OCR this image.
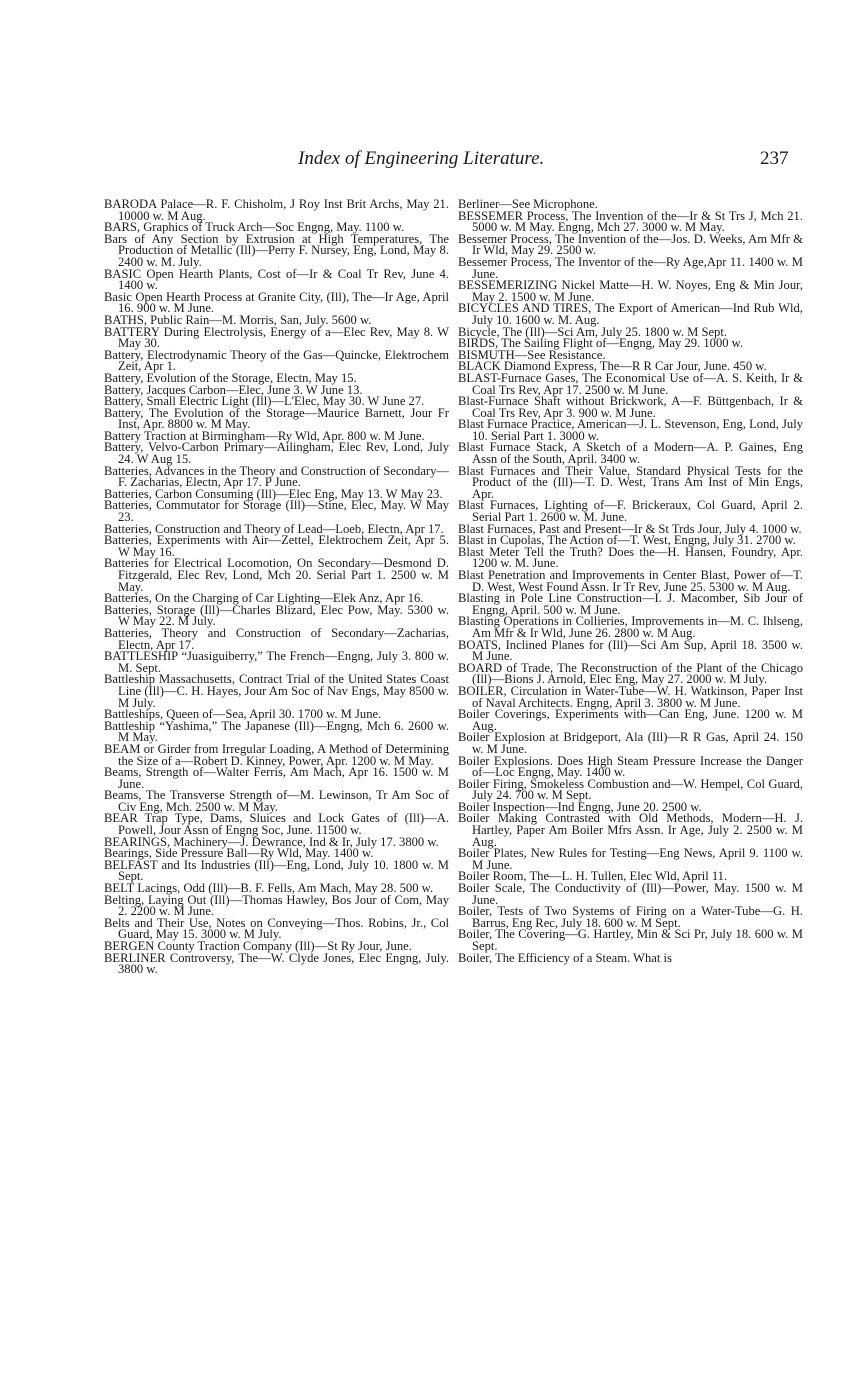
Index of Engineering Literature.	237

BARODA Palace—R. F. Chisholm, J Roy Inst Brit Archs, May 21. 10000 w. M Aug.

BARS, Graphics of Truck Arch—Soc Engng, May. 1100 w.

Bars of Any Section by Extrusion at High Temperatures, The Production of Metallic (Ill)—Perry F. Nursey, Eng, Lond, May 8. 2400 w. M. July.

BASIC Open Hearth Plants, Cost of—Ir & Coal Tr Rev, June 4. 1400 w.

Basic Open Hearth Process at Granite City, (Ill), The—Ir Age, April 16. 900 w. M June.

BATHS, Public Rain—M. Morris, San, July. 5600 w.

BATTERY During Electrolysis, Energy of a—Elec Rev, May 8. W May 30.

Battery, Electrodynamic Theory of the Gas—Quincke, Elektrochem Zeit, Apr 1.

Battery, Evolution of the Storage, Electn, May 15.

Battery, Jacques Carbon—Elec, June 3. W June 13.

Battery, Small Electric Light (Ill)—L'Elec, May 30. W June 27.

Battery, The Evolution of the Storage—Maurice Barnett, Jour Fr Inst, Apr. 8800 w. M May.

Battery Traction at Birmingham—Ry Wld, Apr. 800 w. M June.

Battery, Velvo-Carbon Primary—Ailingham, Elec Rev, Lond, July 24. W Aug 15.

Batteries, Advances in the Theory and Construction of Secondary—F. Zacharias, Electn, Apr 17. P June.

Batteries, Carbon Consuming (Ill)—Elec Eng, May 13. W May 23.

Batteries, Commutator for Storage (Ill)—Stine, Elec, May. W May 23.

Batteries, Construction and Theory of Lead—Loeb, Electn, Apr 17.

Batteries, Experiments with Air—Zettel, Elektrochem Zeit, Apr 5. W May 16.

Batteries for Electrical Locomotion, On Secondary—Desmond D. Fitzgerald, Elec Rev, Lond, Mch 20. Serial Part 1. 2500 w. M May.

Batteries, On the Charging of Car Lighting—Elek Anz, Apr 16.

Batteries, Storage (Ill)—Charles Blizard, Elec Pow, May. 5300 w. W May 22. M July.

Batteries, Theory and Construction of Secondary—Zacharias, Electn, Apr 17.

BATTLESHIP “Juasiguiberry,” The French—Engng, July 3. 800 w. M. Sept.

Battleship Massachusetts, Contract Trial of the United States Coast Line (Ill)—C. H. Hayes, Jour Am Soc of Nav Engs, May 8500 w. M July.

Battleships, Queen of—Sea, April 30. 1700 w. M June.

Battleship “Yashima,” The Japanese (Ill)—Engng, Mch 6. 2600 w. M May.

BEAM or Girder from Irregular Loading, A Method of Determining the Size of a—Robert D. Kinney, Power, Apr. 1200 w. M May.

Beams, Strength of—Walter Ferris, Am Mach, Apr 16. 1500 w. M June.

Beams, The Transverse Strength of—M. Lewinson, Tr Am Soc of Civ Eng, Mch. 2500 w. M May.

BEAR Trap Type, Dams, Sluices and Lock Gates of (Ill)—A. Powell, Jour Assn of Engng Soc, June. 11500 w.

BEARINGS, Machinery—J. Dewrance, Ind & Ir, July 17. 3800 w.

Bearings, Side Pressure Ball—Ry Wld, May. 1400 w.

BELFAST and Its Industries (Ill)—Eng, Lond, July 10. 1800 w. M Sept.

BELT Lacings, Odd (Ill)—B. F. Fells, Am Mach, May 28. 500 w.

Belting, Laying Out (Ill)—Thomas Hawley, Bos Jour of Com, May 2. 2200 w. M June.

Belts and Their Use, Notes on Conveying—Thos. Robins, Jr., Col Guard, May 15. 3000 w. M July.

BERGEN County Traction Company (Ill)—St Ry Jour, June.

BERLINER Controversy, The—W. Clyde Jones, Elec Engng, July. 3800 w.

Berliner—See Microphone.

BESSEMER Process, The Invention of the—Ir & St Trs J, Mch 21. 5000 w. M May. Engng, Mch 27. 3000 w. M May.

Bessemer Process, The Invention of the—Jos. D. Weeks, Am Mfr & Ir Wld, May 29. 2500 w.

Bessemer Process, The Inventor of the—Ry Age,Apr 11. 1400 w. M June.

BESSEMERIZING Nickel Matte—H. W. Noyes, Eng & Min Jour, May 2. 1500 w. M June.

BICYCLES AND TIRES, The Export of American—Ind Rub Wld, July 10. 1600 w. M. Aug.

Bicycle, The (Ill)—Sci Am, July 25. 1800 w. M Sept.

BIRDS, The Sailing Flight of—Engng, May 29. 1000 w.

BISMUTH—See Resistance.

BLACK Diamond Express, The—R R Car Jour, June. 450 w.

BLAST-Furnace Gases, The Economical Use of—A. S. Keith, Ir & Coal Trs Rev, Apr 17. 2500 w. M June.

Blast-Furnace Shaft without Brickwork, A—F. Büttgenbach, Ir & Coal Trs Rev, Apr 3. 900 w. M June.

Blast Furnace Practice, American—J. L. Stevenson, Eng, Lond, July 10. Serial Part 1. 3000 w.

Blast Furnace Stack, A Sketch of a Modern—A. P. Gaines, Eng Assn of the South, April. 3400 w.

Blast Furnaces and Their Value, Standard Physical Tests for the Product of the (Ill)—T. D. West, Trans Am Inst of Min Engs, Apr.

Blast Furnaces, Lighting of—F. Brickeraux, Col Guard, April 2. Serial Part 1. 2600 w. M. June.

Blast Furnaces, Past and Present—Ir & St Trds Jour, July 4. 1000 w.

Blast in Cupolas, The Action of—T. West, Engng, July 31. 2700 w.

Blast Meter Tell the Truth? Does the—H. Hansen, Foundry, Apr. 1200 w. M. June.

Blast Penetration and Improvements in Center Blast, Power of—T. D. West, West Found Assn. Ir Tr Rev, June 25. 5300 w. M Aug.

Blasting in Pole Line Construction—I. J. Macomber, Sib Jour of Engng, April. 500 w. M June.

Blasting Operations in Collieries, Improvements in—M. C. Ihlseng, Am Mfr & Ir Wld, June 26. 2800 w. M Aug.

BOATS, Inclined Planes for (Ill)—Sci Am Sup, April 18. 3500 w. M June.

BOARD of Trade, The Reconstruction of the Plant of the Chicago (Ill)—Bions J. Arnold, Elec Eng, May 27. 2000 w. M July.

BOILER, Circulation in Water-Tube—W. H. Watkinson, Paper Inst of Naval Architects. Engng, April 3. 3800 w. M June.

Boiler Coverings, Experiments with—Can Eng, June. 1200 w. M Aug.

Boiler Explosion at Bridgeport, Ala (Ill)—R R Gas, April 24. 150 w. M June.

Boiler Explosions. Does High Steam Pressure Increase the Danger of—Loc Engng, May. 1400 w.

Boiler Firing, Smokeless Combustion and—W. Hempel, Col Guard, July 24. 700 w. M Sept.

Boiler Inspection—Ind Engng, June 20. 2500 w.

Boiler Making Contrasted with Old Methods, Modern—H. J. Hartley, Paper Am Boiler Mfrs Assn. Ir Age, July 2. 2500 w. M Aug.

Boiler Plates, New Rules for Testing—Eng News, April 9. 1100 w. M June.

Boiler Room, The—L. H. Tullen, Elec Wld, April 11.

Boiler Scale, The Conductivity of (Ill)—Power, May. 1500 w. M June.

Boiler, Tests of Two Systems of Firing on a Water-Tube—G. H. Barrus, Eng Rec, July 18. 600 w. M Sept.

Boiler, The Covering—G. Hartley, Min & Sci Pr, July 18. 600 w. M Sept.

Boiler, The Efficiency of a Steam. What is
